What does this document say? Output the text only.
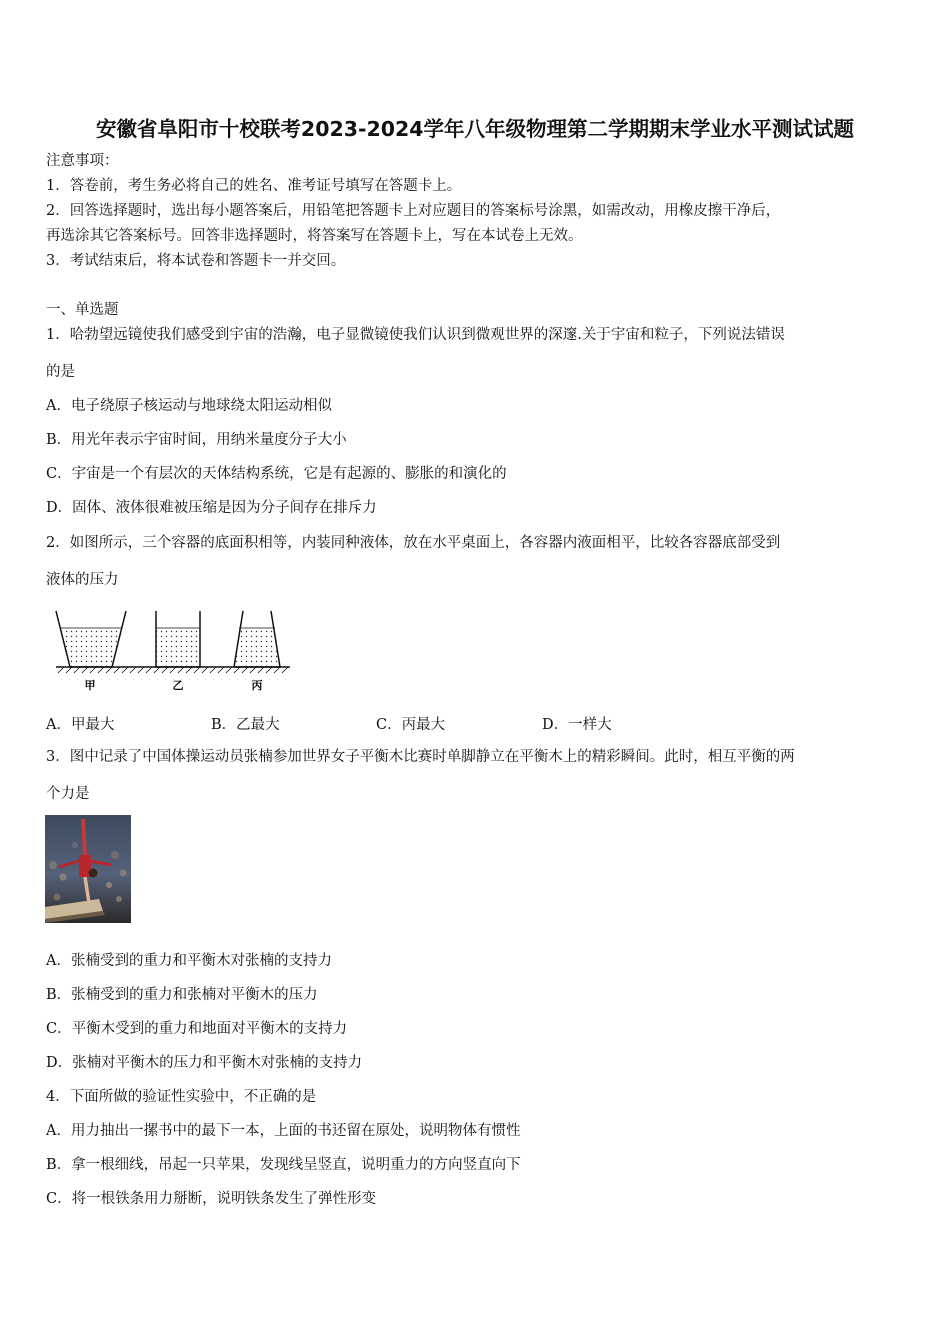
安徽省阜阳市十校联考2023-2024学年八年级物理第二学期期末学业水平测试试题
注意事项：
1．答卷前，考生务必将自己的姓名、准考证号填写在答题卡上。
2．回答选择题时，选出每小题答案后，用铅笔把答题卡上对应题目的答案标号涂黑，如需改动，用橡皮擦干净后，
再选涂其它答案标号。回答非选择题时，将答案写在答题卡上，写在本试卷上无效。
3．考试结束后，将本试卷和答题卡一并交回。
一、单选题
1．哈勃望远镜使我们感受到宇宙的浩瀚，电子显微镜使我们认识到微观世界的深邃.关于宇宙和粒子，下列说法错误
的是
A．电子绕原子核运动与地球绕太阳运动相似
B．用光年表示宇宙时间，用纳米量度分子大小
C．宇宙是一个有层次的天体结构系统，它是有起源的、膨胀的和演化的
D．固体、液体很难被压缩是因为分子间存在排斥力
2．如图所示，三个容器的底面积相等，内装同种液体，放在水平桌面上，各容器内液面相平，比较各容器底部受到
液体的压力
甲	乙	丙
A．甲最大	B．乙最大	C．丙最大	D．一样大
3．图中记录了中国体操运动员张楠参加世界女子平衡木比赛时单脚静立在平衡木上的精彩瞬间。此时，相互平衡的两
个力是
A．张楠受到的重力和平衡木对张楠的支持力
B．张楠受到的重力和张楠对平衡木的压力
C．平衡木受到的重力和地面对平衡木的支持力
D．张楠对平衡木的压力和平衡木对张楠的支持力
4．下面所做的验证性实验中，不正确的是
A．用力抽出一摞书中的最下一本，上面的书还留在原处，说明物体有惯性
B．拿一根细线，吊起一只苹果，发现线呈竖直，说明重力的方向竖直向下
C．将一根铁条用力掰断，说明铁条发生了弹性形变
